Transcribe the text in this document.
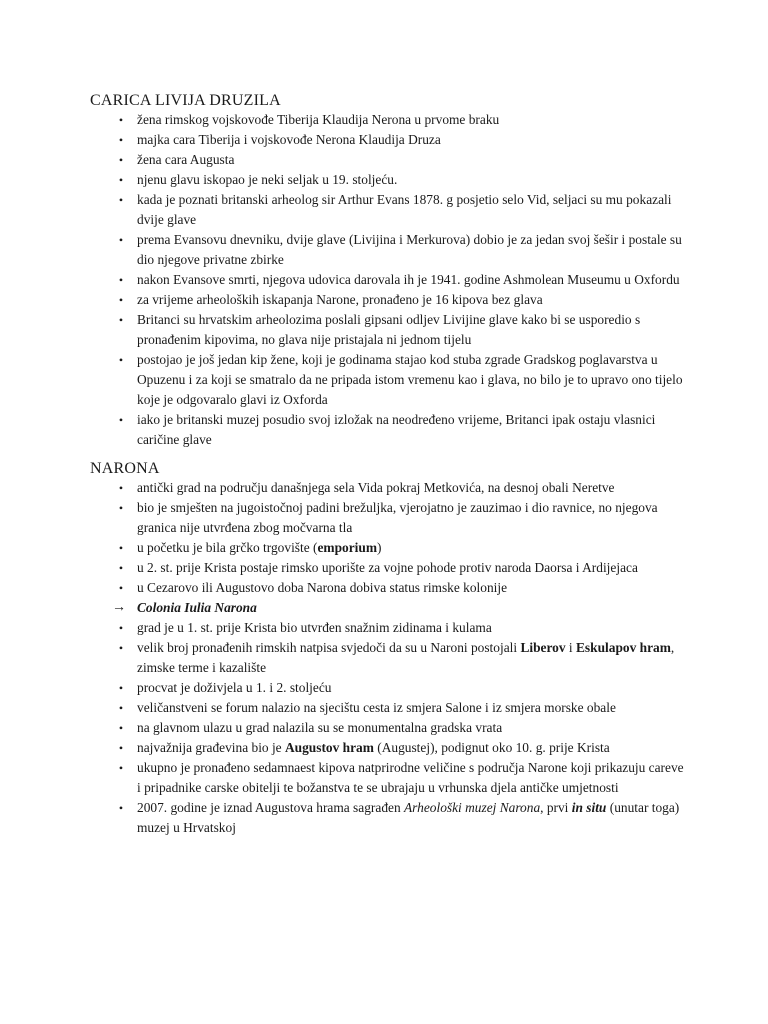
CARICA LIVIJA DRUZILA
• žena rimskog vojskovođe Tiberija Klaudija Nerona u prvome braku
• majka cara Tiberija i vojskovođe Nerona Klaudija Druza
• žena cara Augusta
• njenu glavu iskopao je neki seljak u 19. stoljeću.
• kada je poznati britanski arheolog sir Arthur Evans 1878. g posjetio selo Vid, seljaci su mu pokazali dvije glave
• prema Evansovu dnevniku, dvije glave (Livijina i Merkurova) dobio je za jedan svoj šešir i postale su dio njegove privatne zbirke
• nakon Evansove smrti, njegova udovica darovala ih je 1941. godine Ashmolean Museumu u Oxfordu
• za vrijeme arheoloških iskapanja Narone, pronađeno je 16 kipova bez glava
• Britanci su hrvatskim arheolozima poslali gipsani odljev Livijine glave kako bi se usporedio s pronađenim kipovima, no glava nije pristajala ni jednom tijelu
• postojao je još jedan kip žene, koji je godinama stajao kod stuba zgrade Gradskog poglavarstva u Opuzenu i za koji se smatralo da ne pripada istom vremenu kao i glava, no bilo je to upravo ono tijelo koje je odgovaralo glavi iz Oxforda
• iako je britanski muzej posudio svoj izložak na neodređeno vrijeme, Britanci ipak ostaju vlasnici caričine glave
NARONA
• antički grad na području današnjega sela Vida pokraj Metkovića, na desnoj obali Neretve
• bio je smješten na jugoistočnoj padini brežuljka, vjerojatno je zauzimao i dio ravnice, no njegova granica nije utvrđena zbog močvarna tla
• u početku je bila grčko trgovište (emporium)
• u 2. st. prije Krista postaje rimsko uporište za vojne pohode protiv naroda Daorsa i Ardijejaca
• u Cezarovo ili Augustovo doba Narona dobiva status rimske kolonije
→ Colonia Iulia Narona
• grad je u 1. st. prije Krista bio utvrđen snažnim zidinama i kulama
• velik broj pronađenih rimskih natpisa svjedoči da su u Naroni postojali Liberov i Eskulapov hram, zimske terme i kazalište
• procvat je doživjela u 1. i 2. stoljeću
• veličanstveni se forum nalazio na sjecištu cesta iz smjera Salone i iz smjera morske obale
• na glavnom ulazu u grad nalazila su se monumentalna gradska vrata
• najvažnija građevina bio je Augustov hram (Augustej), podignut oko 10. g. prije Krista
• ukupno je pronađeno sedamnaest kipova natprirodne veličine s područja Narone koji prikazuju careve i pripadnike carske obitelji te božanstva te se ubrajaju u vrhunska djela antičke umjetnosti
• 2007. godine je iznad Augustova hrama sagrađen Arheološki muzej Narona, prvi in situ (unutar toga) muzej u Hrvatskoj
